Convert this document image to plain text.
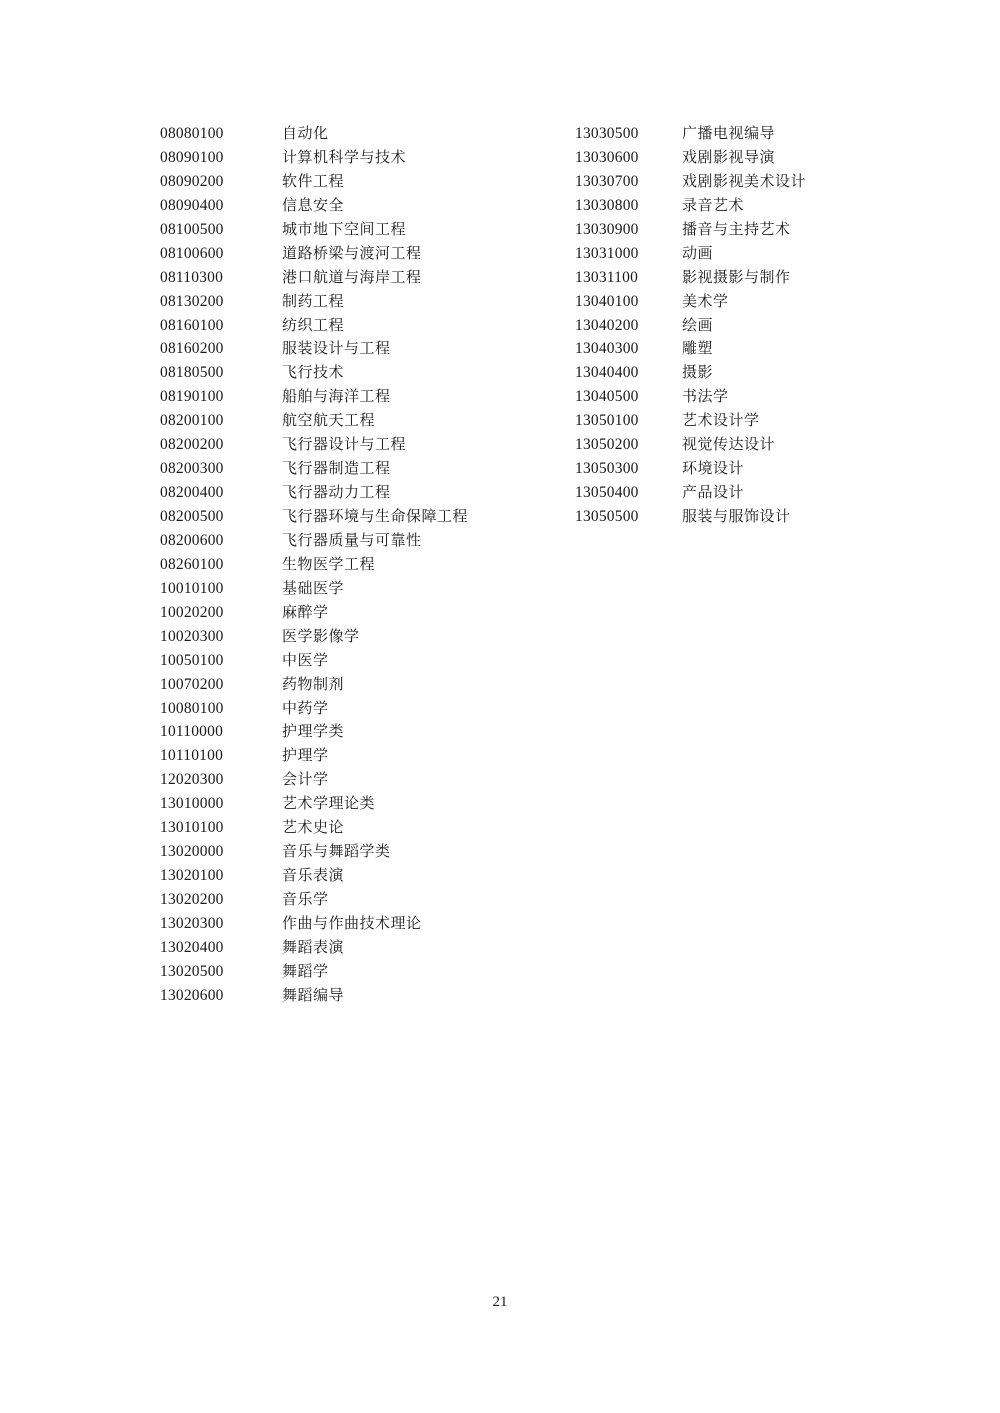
08080100	自动化
08090100	计算机科学与技术
08090200	软件工程
08090400	信息安全
08100500	城市地下空间工程
08100600	道路桥梁与渡河工程
08110300	港口航道与海岸工程
08130200	制药工程
08160100	纺织工程
08160200	服装设计与工程
08180500	飞行技术
08190100	船舶与海洋工程
08200100	航空航天工程
08200200	飞行器设计与工程
08200300	飞行器制造工程
08200400	飞行器动力工程
08200500	飞行器环境与生命保障工程
08200600	飞行器质量与可靠性
08260100	生物医学工程
10010100	基础医学
10020200	麻醉学
10020300	医学影像学
10050100	中医学
10070200	药物制剂
10080100	中药学
10110000	护理学类
10110100	护理学
12020300	会计学
13010000	艺术学理论类
13010100	艺术史论
13020000	音乐与舞蹈学类
13020100	音乐表演
13020200	音乐学
13020300	作曲与作曲技术理论
13020400	舞蹈表演
13020500	舞蹈学
13020600	舞蹈编导
13030500	广播电视编导
13030600	戏剧影视导演
13030700	戏剧影视美术设计
13030800	录音艺术
13030900	播音与主持艺术
13031000	动画
13031100	影视摄影与制作
13040100	美术学
13040200	绘画
13040300	雕塑
13040400	摄影
13040500	书法学
13050100	艺术设计学
13050200	视觉传达设计
13050300	环境设计
13050400	产品设计
13050500	服装与服饰设计
21
